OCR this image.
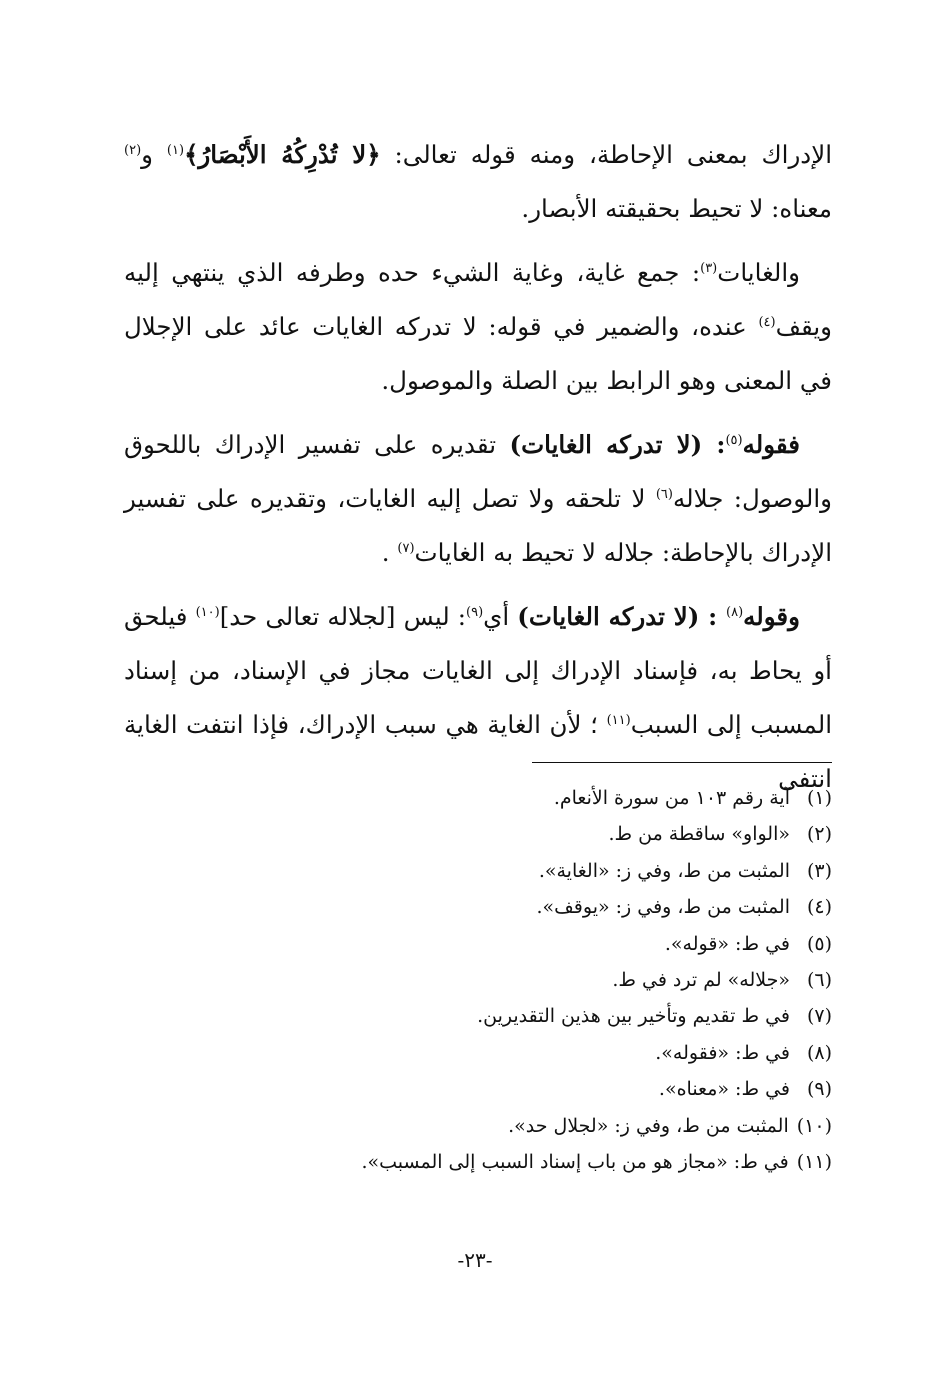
الإدراك بمعنى الإحاطة، ومنه قوله تعالى: ﴿لا تُدْرِكُهُ الأَبْصَارُ﴾$^{(١)}$ و$^{(٢)}$ معناه: لا تحيط بحقيقته الأبصار.

والغايات$^{(٣)}$: جمع غاية، وغاية الشيء حده وطرفه الذي ينتهي إليه ويقف$^{(٤)}$ عنده، والضمير في قوله: لا تدركه الغايات عائد على الإجلال في المعنى وهو الرابط بين الصلة والموصول.

فقوله$^{(٥)}$: (لا تدركه الغايات) تقديره على تفسير الإدراك باللحوق والوصول: جلاله$^{(٦)}$ لا تلحقه ولا تصل إليه الغايات، وتقديره على تفسير الإدراك بالإحاطة: جلاله لا تحيط به الغايات$^{(٧)}$ .

وقوله$^{(٨)}$ : (لا تدركه الغايات) أي$^{(٩)}$: ليس [لجلاله تعالى حد]$^{(١٠)}$ فيلحق أو يحاط به، فإسناد الإدراك إلى الغايات مجاز في الإسناد، من إسناد المسبب إلى السبب$^{(١١)}$ ؛ لأن الغاية هي سبب الإدراك، فإذا انتفت الغاية انتفى

(١)
آية رقم ١٠٣ من سورة الأنعام.
(٢)
«الواو» ساقطة من ط.
(٣)
المثبت من ط، وفي ز: «الغاية».
(٤)
المثبت من ط، وفي ز: «يوقف».
(٥)
في ط: «قوله».
(٦)
«جلاله» لم ترد في ط.
(٧)
في ط تقديم وتأخير بين هذين التقديرين.
(٨)
في ط: «فقوله».
(٩)
في ط: «معناه».
(١٠)
المثبت من ط، وفي ز: «لجلال حد».
(١١)
في ط: «مجاز هو من باب إسناد السبب إلى المسبب».
-٢٣-
